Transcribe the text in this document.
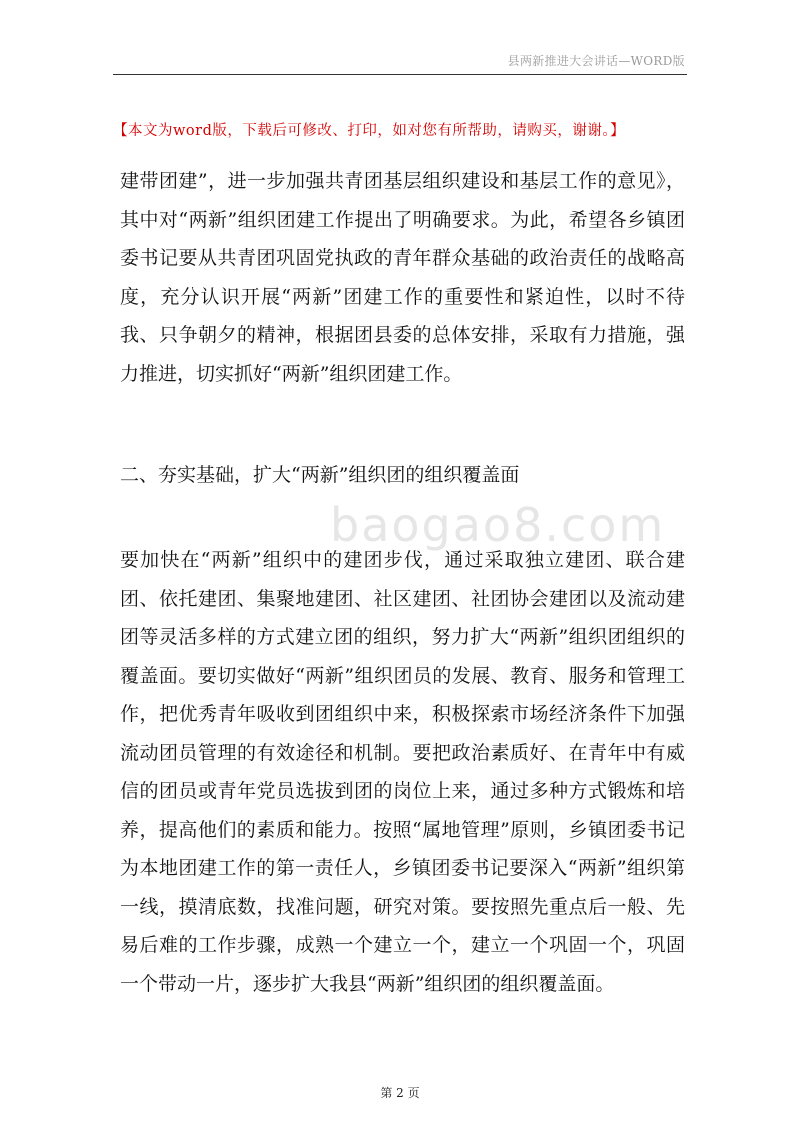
县两新推进大会讲话—WORD版
【本文为word版，下载后可修改、打印，如对您有所帮助，请购买，谢谢。】
建带团建”，进一步加强共青团基层组织建设和基层工作的意见》，其中对“两新”组织团建工作提出了明确要求。为此，希望各乡镇团委书记要从共青团巩固党执政的青年群众基础的政治责任的战略高度，充分认识开展“两新”团建工作的重要性和紧迫性，以时不待我、只争朝夕的精神，根据团县委的总体安排，采取有力措施，强力推进，切实抓好“两新”组织团建工作。
二、夯实基础，扩大“两新”组织团的组织覆盖面
baogao8.com
要加快在“两新”组织中的建团步伐，通过采取独立建团、联合建团、依托建团、集聚地建团、社区建团、社团协会建团以及流动建团等灵活多样的方式建立团的组织，努力扩大“两新”组织团组织的覆盖面。要切实做好“两新”组织团员的发展、教育、服务和管理工作，把优秀青年吸收到团组织中来，积极探索市场经济条件下加强流动团员管理的有效途径和机制。要把政治素质好、在青年中有威信的团员或青年党员选拔到团的岗位上来，通过多种方式锻炼和培养，提高他们的素质和能力。按照“属地管理”原则，乡镇团委书记为本地团建工作的第一责任人，乡镇团委书记要深入“两新”组织第一线，摸清底数，找准问题，研究对策。要按照先重点后一般、先易后难的工作步骤，成熟一个建立一个，建立一个巩固一个，巩固一个带动一片，逐步扩大我县“两新”组织团的组织覆盖面。
第 2 页
